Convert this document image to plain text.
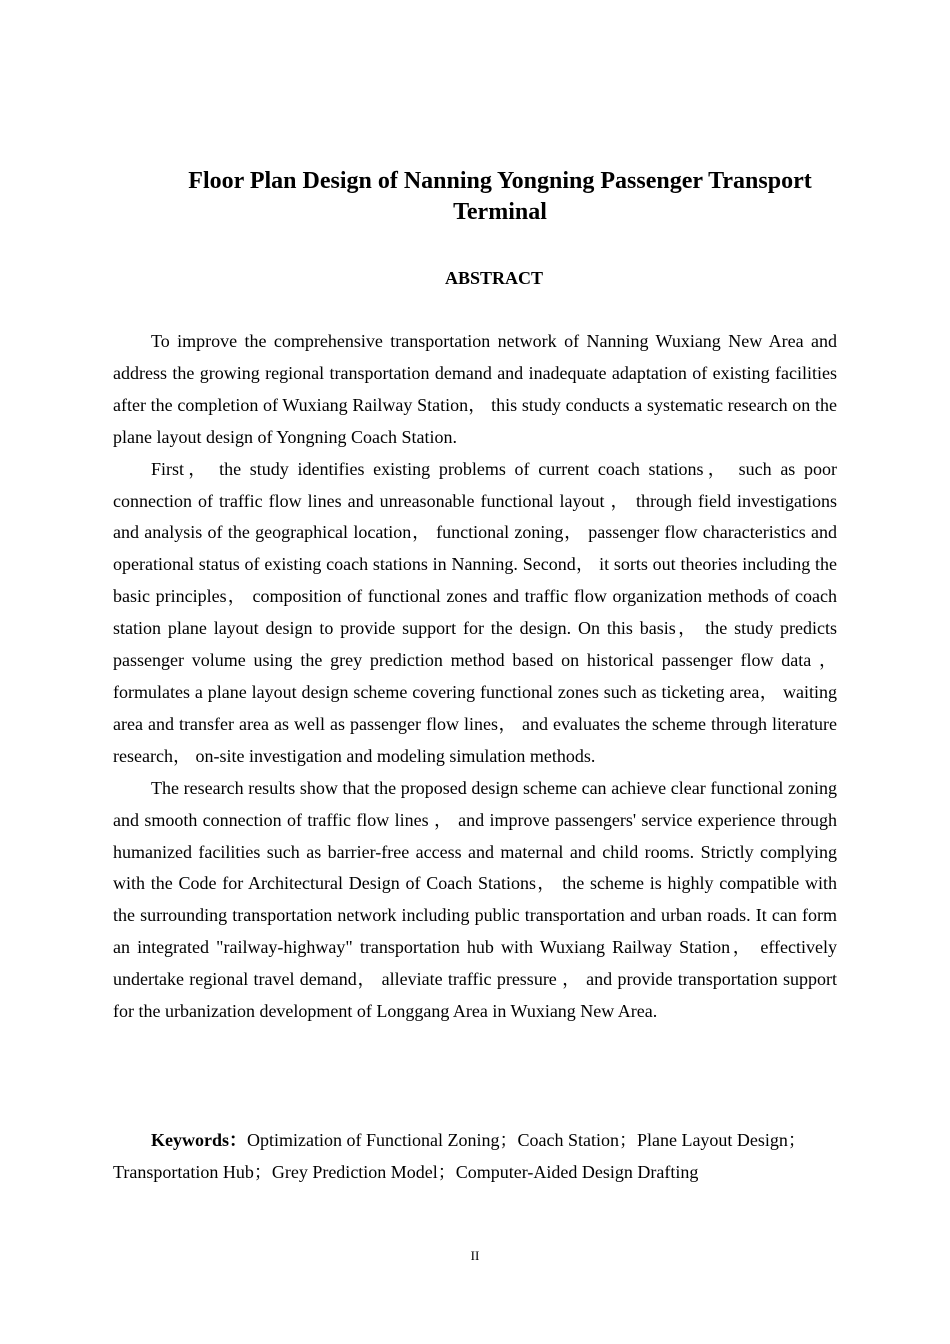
Floor Plan Design of Nanning Yongning Passenger Transport Terminal
ABSTRACT

To improve the comprehensive transportation network of Nanning Wuxiang New Area and address the growing regional transportation demand and inadequate adaptation of existing facilities after the completion of Wuxiang Railway Station， this study conducts a systematic research on the plane layout design of Yongning Coach Station.

First， the study identifies existing problems of current coach stations， such as poor connection of traffic flow lines and unreasonable functional layout ， through field investigations and analysis of the geographical location， functional zoning， passenger flow characteristics and operational status of existing coach stations in Nanning. Second， it sorts out theories including the basic principles， composition of functional zones and traffic flow organization methods of coach station plane layout design to provide support for the design. On this basis， the study predicts passenger volume using the grey prediction method based on historical passenger flow data ， formulates a plane layout design scheme covering functional zones such as ticketing area， waiting area and transfer area as well as passenger flow lines， and evaluates the scheme through literature research， on-site investigation and modeling simulation methods.

The research results show that the proposed design scheme can achieve clear functional zoning and smooth connection of traffic flow lines ， and improve passengers' service experience through humanized facilities such as barrier-free access and maternal and child rooms. Strictly complying with the Code for Architectural Design of Coach Stations， the scheme is highly compatible with the surrounding transportation network including public transportation and urban roads. It can form an integrated "railway-highway" transportation hub with Wuxiang Railway Station， effectively undertake regional travel demand， alleviate traffic pressure ， and provide transportation support for the urbanization development of Longgang Area in Wuxiang New Area.

Keywords：Optimization of Functional Zoning；Coach Station；Plane Layout Design；Transportation Hub；Grey Prediction Model；Computer-Aided Design Drafting

II
